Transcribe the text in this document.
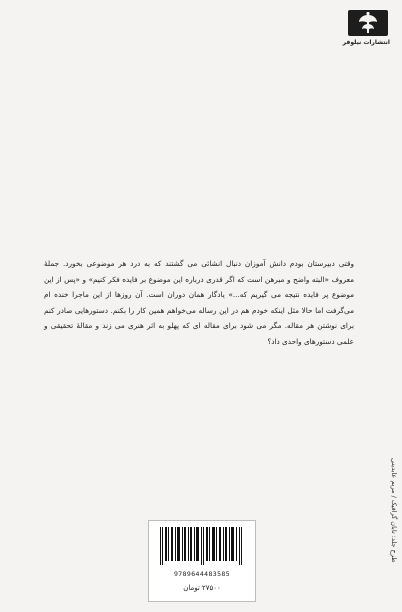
انتشارات نیلوفر
وقتی دبیرستان بودم دانش آموزان دنبال انشائی می گشتند که به درد هر موضوعی بخورد. جملهٔ معروف «البته واضح و مبرهن است که اگر قدری درباره این موضوع بر فایده فکر کنیم» و «پس از این موضوع پر فایده نتیجه می گیریم که...» یادگار همان دوران است. آن روزها از این ماجرا خنده ام می‌گرفت اما حالا مثل اینکه خودم هم در این رساله می‌خواهم همین کار را بکنم. دستورهایی صادر کنم برای نوشتن هر مقاله. مگر می شود برای مقاله ای که پهلو به اثر هنری می زند و مقالهٔ تحقیقی و علمی دستورهای واحدی داد؟
طرح جلد: تابان گرافیک / مریم عابدینی
9789644483585
۲۷۵۰۰ تومان
